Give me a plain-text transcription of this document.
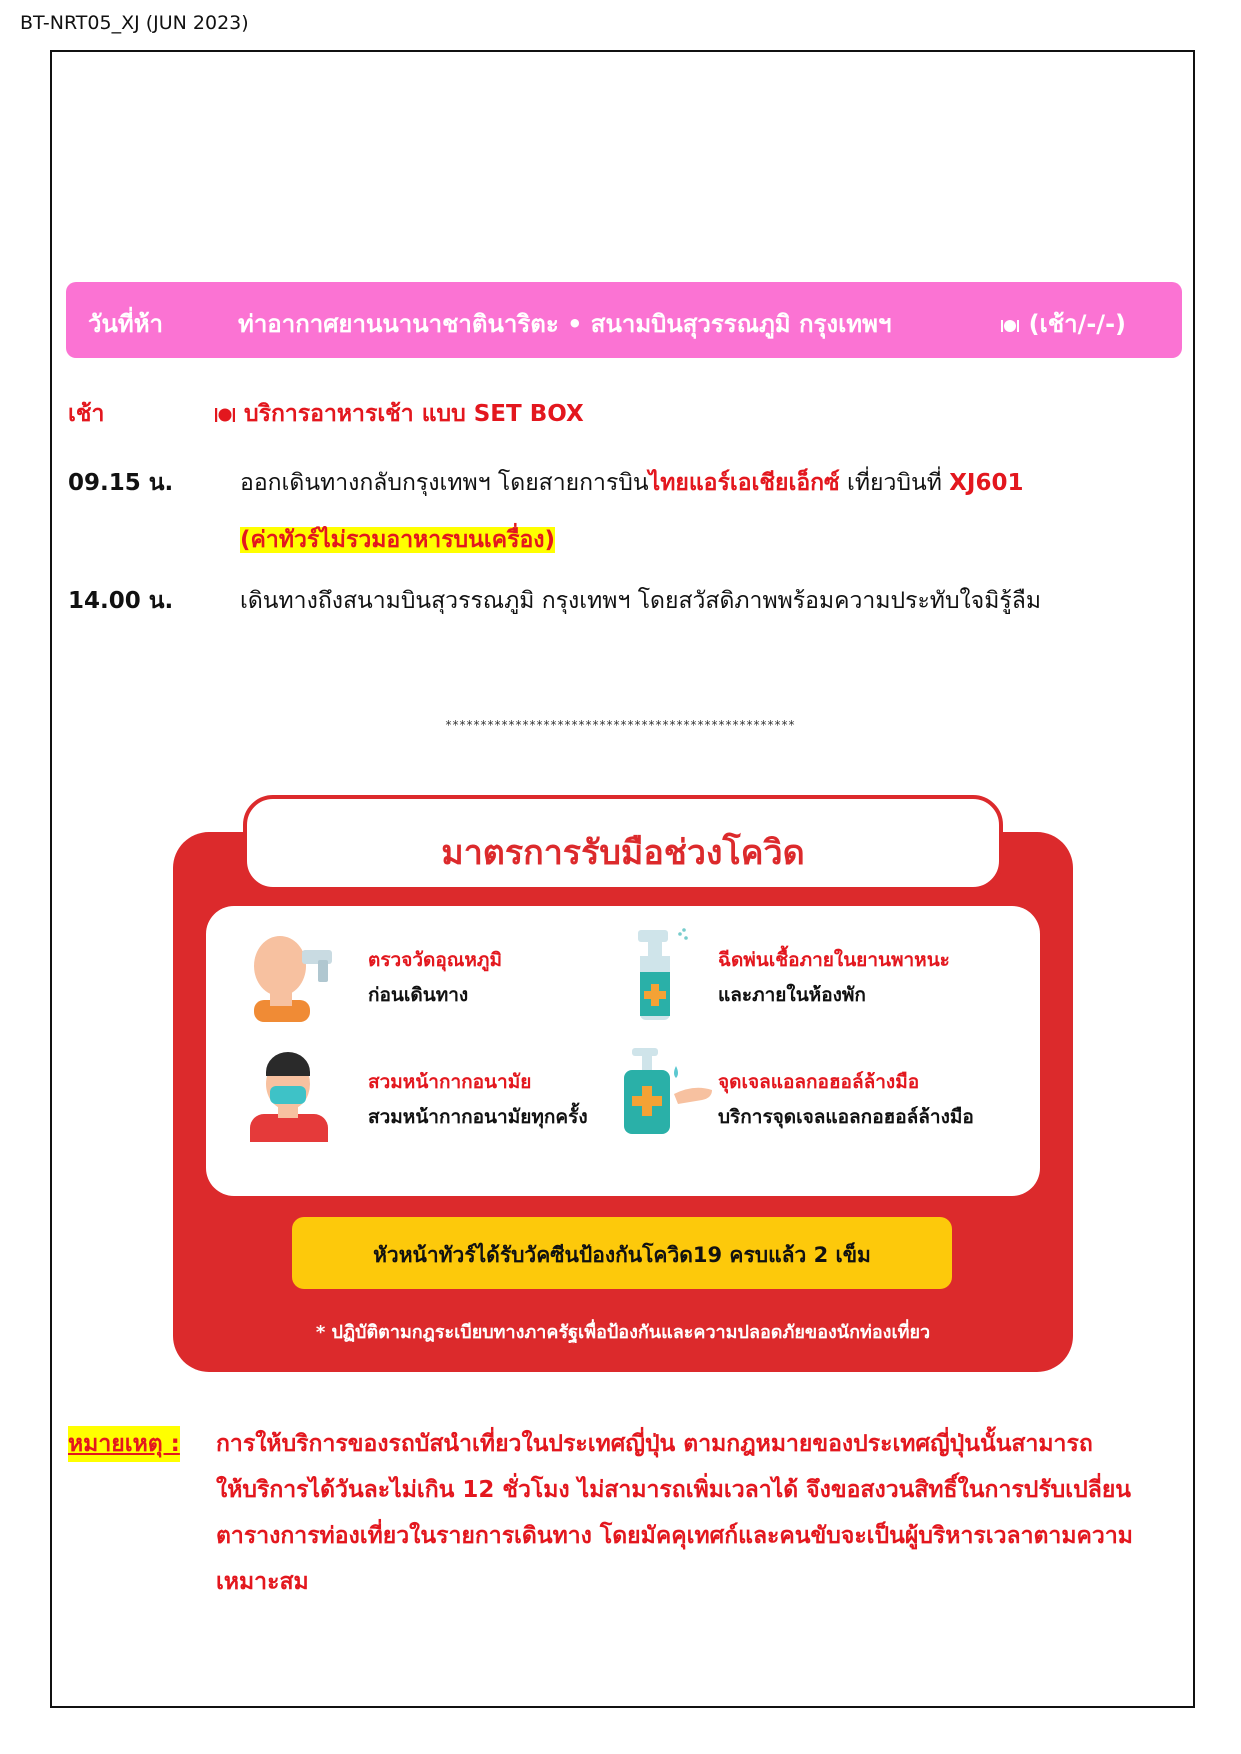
BT-NRT05_XJ (JUN 2023)
วันที่ห้า	ท่าอากาศยานนานาชาตินาริตะ • สนามบินสุวรรณภูมิ กรุงเทพฯ	(เช้า/-/-)
เช้า	บริการอาหารเช้า แบบ SET BOX
09.15 น.	ออกเดินทางกลับกรุงเทพฯ โดยสายการบินไทยแอร์เอเชียเอ็กซ์ เที่ยวบินที่ XJ601
(ค่าทัวร์ไม่รวมอาหารบนเครื่อง)
14.00 น.	เดินทางถึงสนามบินสุวรรณภูมิ กรุงเทพฯ โดยสวัสดิภาพพร้อมความประทับใจมิรู้ลืม
**************************************************
มาตรการรับมือช่วงโควิด
ตรวจวัดอุณหภูมิ
ก่อนเดินทาง
ฉีดพ่นเชื้อภายในยานพาหนะ
และภายในห้องพัก
สวมหน้ากากอนามัย
สวมหน้ากากอนามัยทุกครั้ง
จุดเจลแอลกอฮอล์ล้างมือ
บริการจุดเจลแอลกอฮอล์ล้างมือ
หัวหน้าทัวร์ได้รับวัคซีนป้องกันโควิด19 ครบแล้ว 2 เข็ม
* ปฏิบัติตามกฎระเบียบทางภาครัฐเพื่อป้องกันและความปลอดภัยของนักท่องเที่ยว
หมายเหตุ : การให้บริการของรถบัสนำเที่ยวในประเทศญี่ปุ่น ตามกฎหมายของประเทศญี่ปุ่นนั้นสามารถ
ให้บริการได้วันละไม่เกิน 12 ชั่วโมง ไม่สามารถเพิ่มเวลาได้ จึงขอสงวนสิทธิ์ในการปรับเปลี่ยน
ตารางการท่องเที่ยวในรายการเดินทาง โดยมัคคุเทศก์และคนขับจะเป็นผู้บริหารเวลาตามความ
เหมาะสม
